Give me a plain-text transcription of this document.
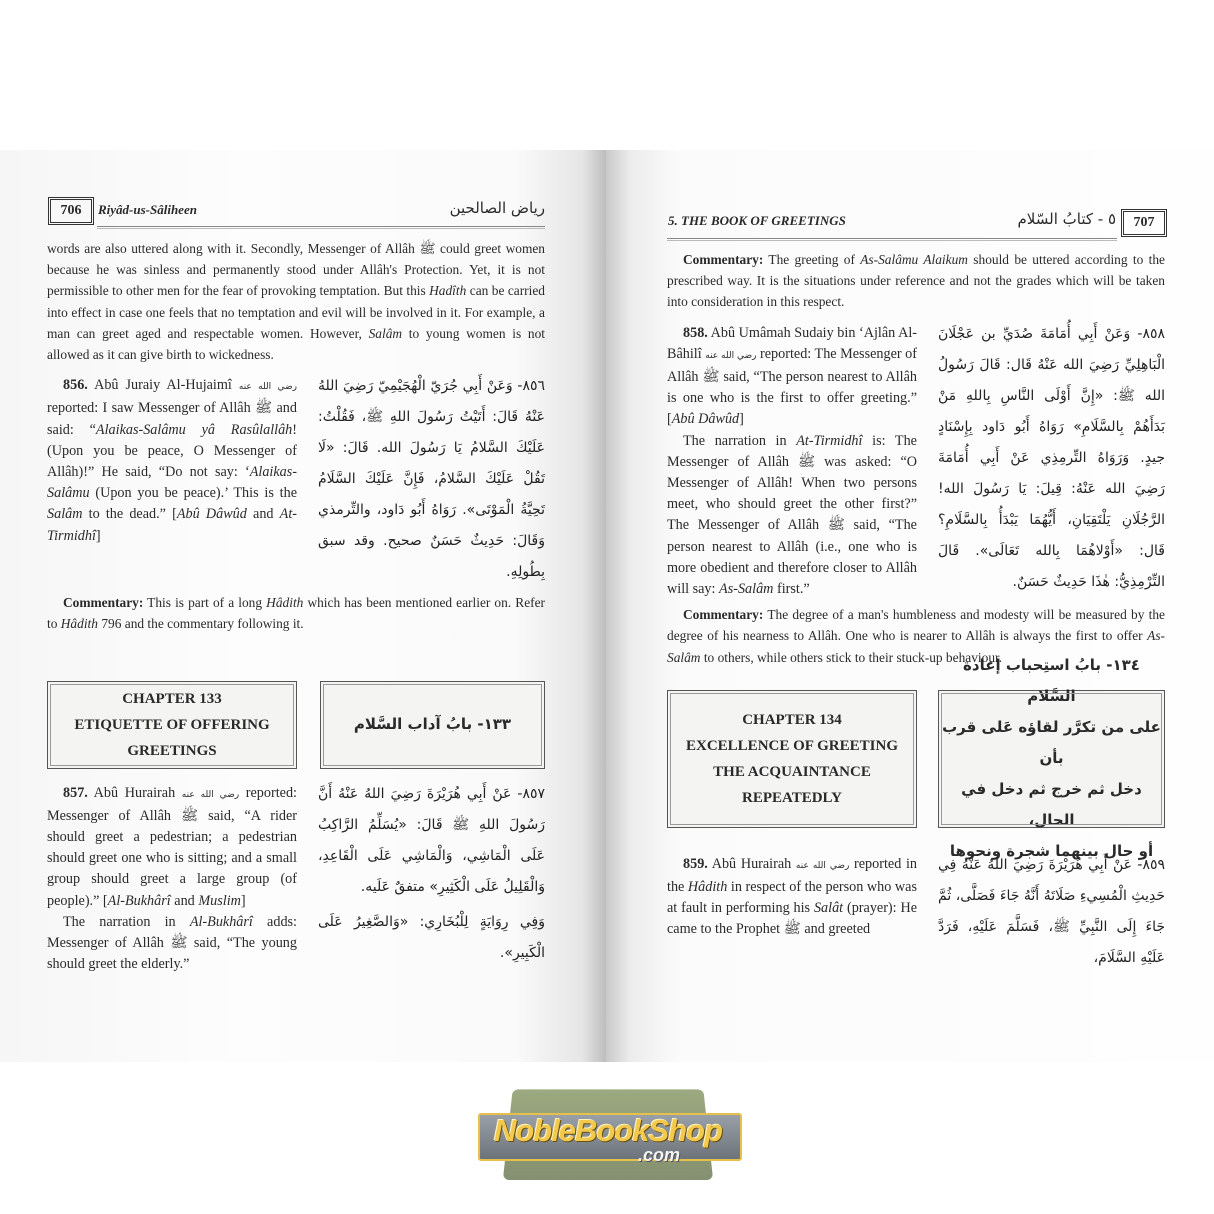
706	Riyâd-us-Sâliheen	رياض الصالحين
words are also uttered along with it. Secondly, Messenger of Allâh ﷺ could greet women because he was sinless and permanently stood under Allâh's Protection. Yet, it is not permissible to other men for the fear of provoking temptation. But this Hadîth can be carried into effect in case one feels that no temptation and evil will be involved in it. For example, a man can greet aged and respectable women. However, Salâm to young women is not allowed as it can give birth to wickedness.
856. Abû Juraiy Al-Hujaimî رضي الله عنه reported: I saw Messenger of Allâh ﷺ and said: “Alaikas-Salâmu yâ Rasûlallâh! (Upon you be peace, O Messenger of Allâh)!” He said, “Do not say: ‘Alaikas-Salâmu (Upon you be peace).’ This is the Salâm to the dead.” [Abû Dâwûd and At-Tirmidhî]
٨٥٦- وَعَنْ أَبِي جُرَيّ الْهُجَيْمِيّ رَضِيَ اللهُ عَنْهُ قَالَ: أَتَيْتُ رَسُولَ اللهِ ﷺ، فَقُلْتُ: عَلَيْكَ السَّلامُ يَا رَسُولَ الله. قَالَ: «لَا تَقُلْ عَلَيْكَ السَّلامُ، فَإِنَّ عَلَيْكَ السَّلَامُ تَحِيَّةُ الْمَوْتَى». رَوَاهُ أَبُو دَاود، والتِّرمذي وَقَالَ: حَدِيثٌ حَسَنٌ صحيح. وقد سبق بِطُولِهِ.
Commentary: This is part of a long Hâdith which has been mentioned earlier on. Refer to Hâdith 796 and the commentary following it.
CHAPTER 133
ETIQUETTE OF OFFERING
GREETINGS
١٣٣- بابُ آداب السَّلام
857. Abû Hurairah رضي الله عنه reported: Messenger of Allâh ﷺ said, “A rider should greet a pedestrian; a pedestrian should greet one who is sitting; and a small group should greet a large group (of people).” [Al-Bukhârî and Muslim]
The narration in Al-Bukhârî adds: Messenger of Allâh ﷺ said, “The young should greet the elderly.”
٨٥٧- عَنْ أَبِي هُرَيْرَةَ رَضِيَ اللهُ عَنْهُ أَنَّ رَسُولَ اللهِ ﷺ قَالَ: «يُسَلِّمُ الرَّاكِبُ عَلَى الْمَاشِي، وَالْمَاشِي عَلَى الْقَاعِدِ، وَالْقَلِيلُ عَلَى الْكَثِيرِ» متفقٌ عَلَيه.
وَفِي رِوَايَةٍ لِلْبُخَارِي: «وَالصَّغِيرُ عَلَى الْكَبِيرِ».
5. THE BOOK OF GREETINGS	٥ - كتابُ السّلام	707
Commentary: The greeting of As-Salâmu Alaikum should be uttered according to the prescribed way. It is the situations under reference and not the grades which will be taken into consideration in this respect.
858. Abû Umâmah Sudaiy bin ‘Ajlân Al-Bâhilî رضي الله عنه reported: The Messenger of Allâh ﷺ said, “The person nearest to Allâh is one who is the first to offer greeting.” [Abû Dâwûd]
The narration in At-Tirmidhî is: The Messenger of Allâh ﷺ was asked: “O Messenger of Allâh! When two persons meet, who should greet the other first?” The Messenger of Allâh ﷺ said, “The person nearest to Allâh (i.e., one who is more obedient and therefore closer to Allâh will say: As-Salâm first.”
٨٥٨- وَعَنْ أَبِي أُمَامَةَ صُدَيِّ بن عَجْلَانَ الْبَاهِلِيِّ رَضِيَ الله عَنْهُ قَال: قَالَ رَسُولُ الله ﷺ: «إِنَّ أَوْلَى النَّاسِ بِاللهِ مَنْ بَدَأَهُمْ بِالسَّلَامِ» رَوَاهُ أَبُو دَاود بِإِسْنَادٍ جيدٍ. وَرَوَاهُ التِّرمِذِي عَنْ أَبِي أُمَامَةَ رَضِيَ الله عَنْهُ: قِيلَ: يَا رَسُولَ الله! الرَّجُلَانِ يَلْتَقِيَانِ، أَيُّهُمَا يَبْدَأُ بِالسَّلَامِ؟ قَال: «أَوْلاهُمَا بِالله تَعَالَى». قَالَ التِّرْمِذِيُّ: هٰذَا حَدِيثٌ حَسَنٌ.
Commentary: The degree of a man's humbleness and modesty will be measured by the degree of his nearness to Allâh. One who is nearer to Allâh is always the first to offer As-Salâm to others, while others stick to their stuck-up behaviour.
CHAPTER 134
EXCELLENCE OF GREETING
THE ACQUAINTANCE
REPEATEDLY
١٣٤- بابُ استِحباب إعادة السَّلام
على من تكرَّر لقاؤه عَلى قرب بأن
دخل ثم خرج ثم دخل في الحال،
أو حال بينهما شجرة ونحوها
859. Abû Hurairah رضي الله عنه reported in the Hâdith in respect of the person who was at fault in performing his Salât (prayer): He came to the Prophet ﷺ and greeted
٨٥٩- عَنْ أَبِي هُرَيْرَةَ رَضِيَ اللهُ عَنْهُ فِي حَدِيثِ الْمُسِيءِ صَلَاتَهُ أَنَّهُ جَاءَ فَصَلَّى، ثُمَّ جَاءَ إِلَى النَّبِيِّ ﷺ، فَسَلَّمَ عَلَيْهِ، فَرَدَّ عَلَيْهِ السَّلَامَ،
NobleBookShop
.com
